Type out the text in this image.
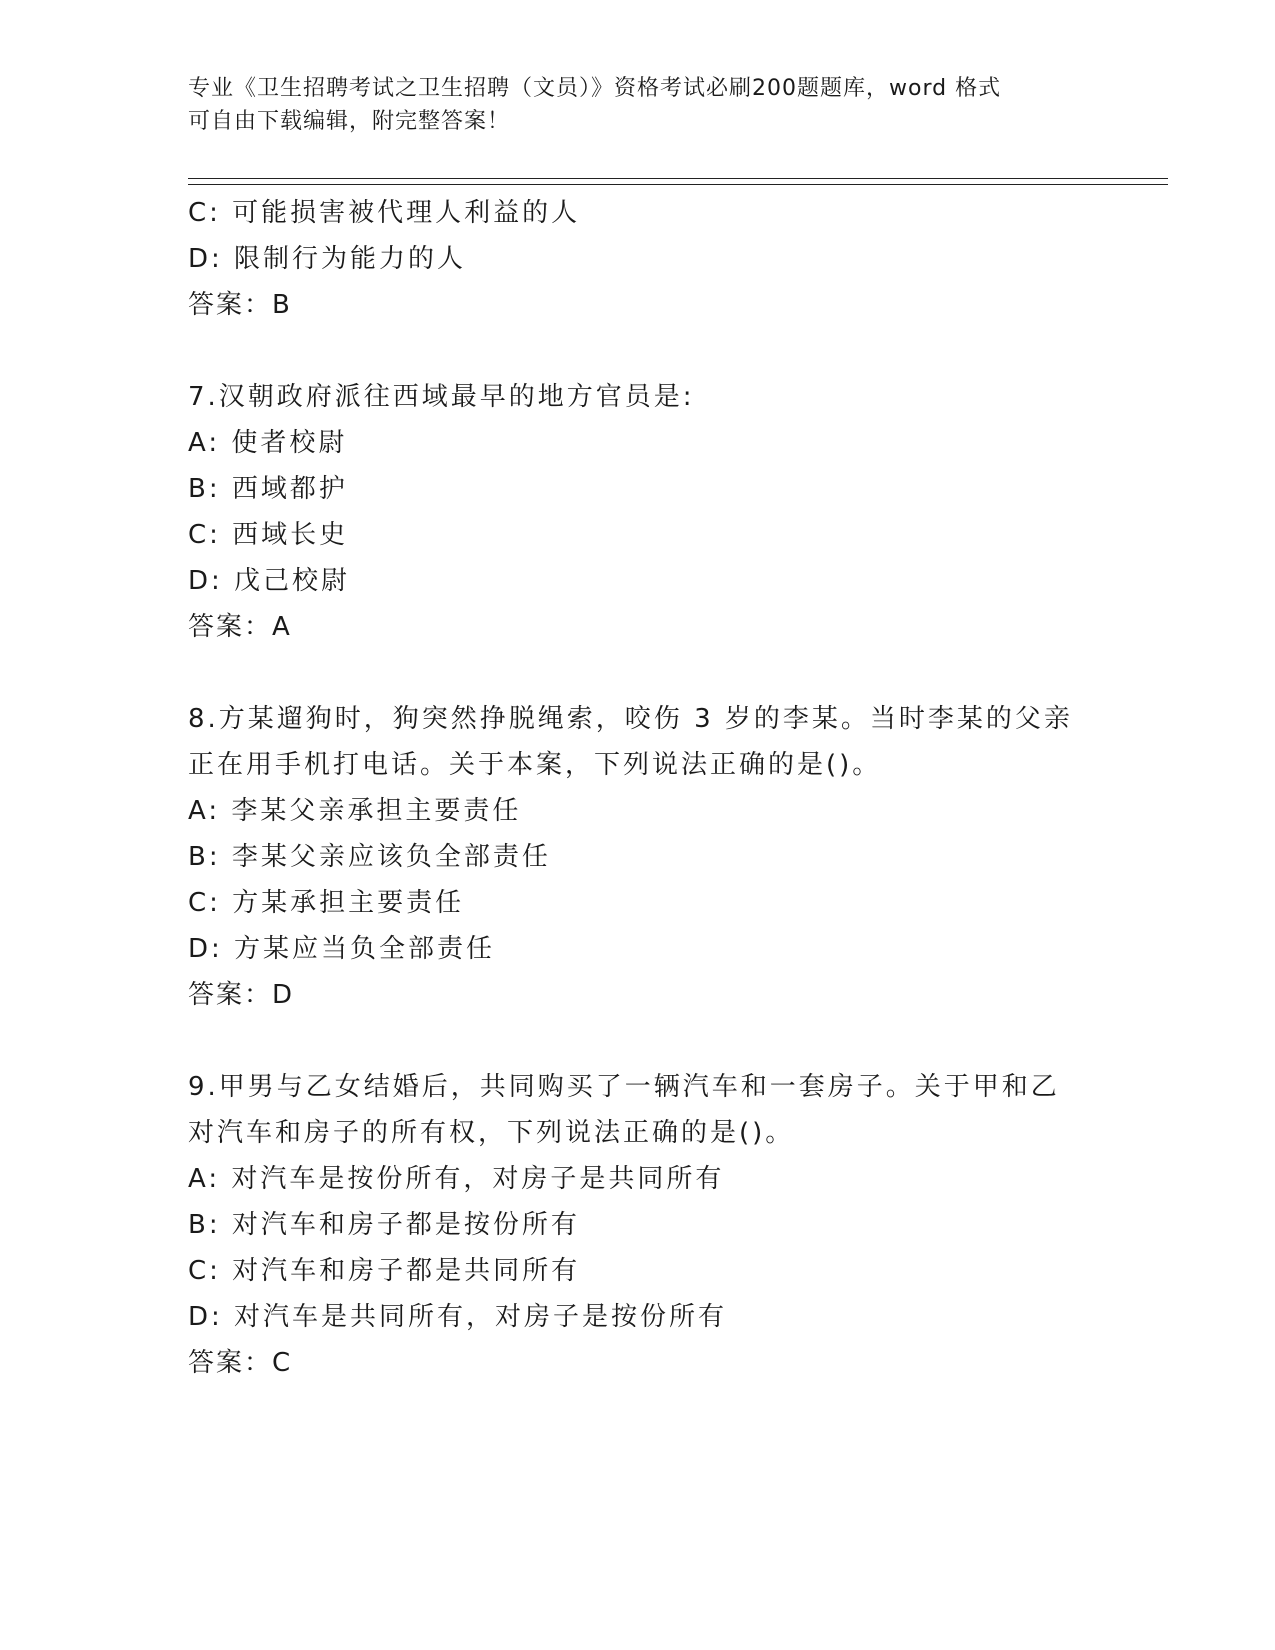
专业《卫生招聘考试之卫生招聘（文员）》资格考试必刷200题题库，word 格式
可自由下载编辑，附完整答案！
C: 可能损害被代理人利益的人
D: 限制行为能力的人
答案：B
7.汉朝政府派往西域最早的地方官员是:
A: 使者校尉
B: 西域都护
C: 西域长史
D: 戊己校尉
答案：A
8.方某遛狗时，狗突然挣脱绳索，咬伤 3 岁的李某。当时李某的父亲
正在用手机打电话。关于本案，下列说法正确的是()。
A: 李某父亲承担主要责任
B: 李某父亲应该负全部责任
C: 方某承担主要责任
D: 方某应当负全部责任
答案：D
9.甲男与乙女结婚后，共同购买了一辆汽车和一套房子。关于甲和乙
对汽车和房子的所有权，下列说法正确的是()。
A: 对汽车是按份所有，对房子是共同所有
B: 对汽车和房子都是按份所有
C: 对汽车和房子都是共同所有
D: 对汽车是共同所有，对房子是按份所有
答案：C
